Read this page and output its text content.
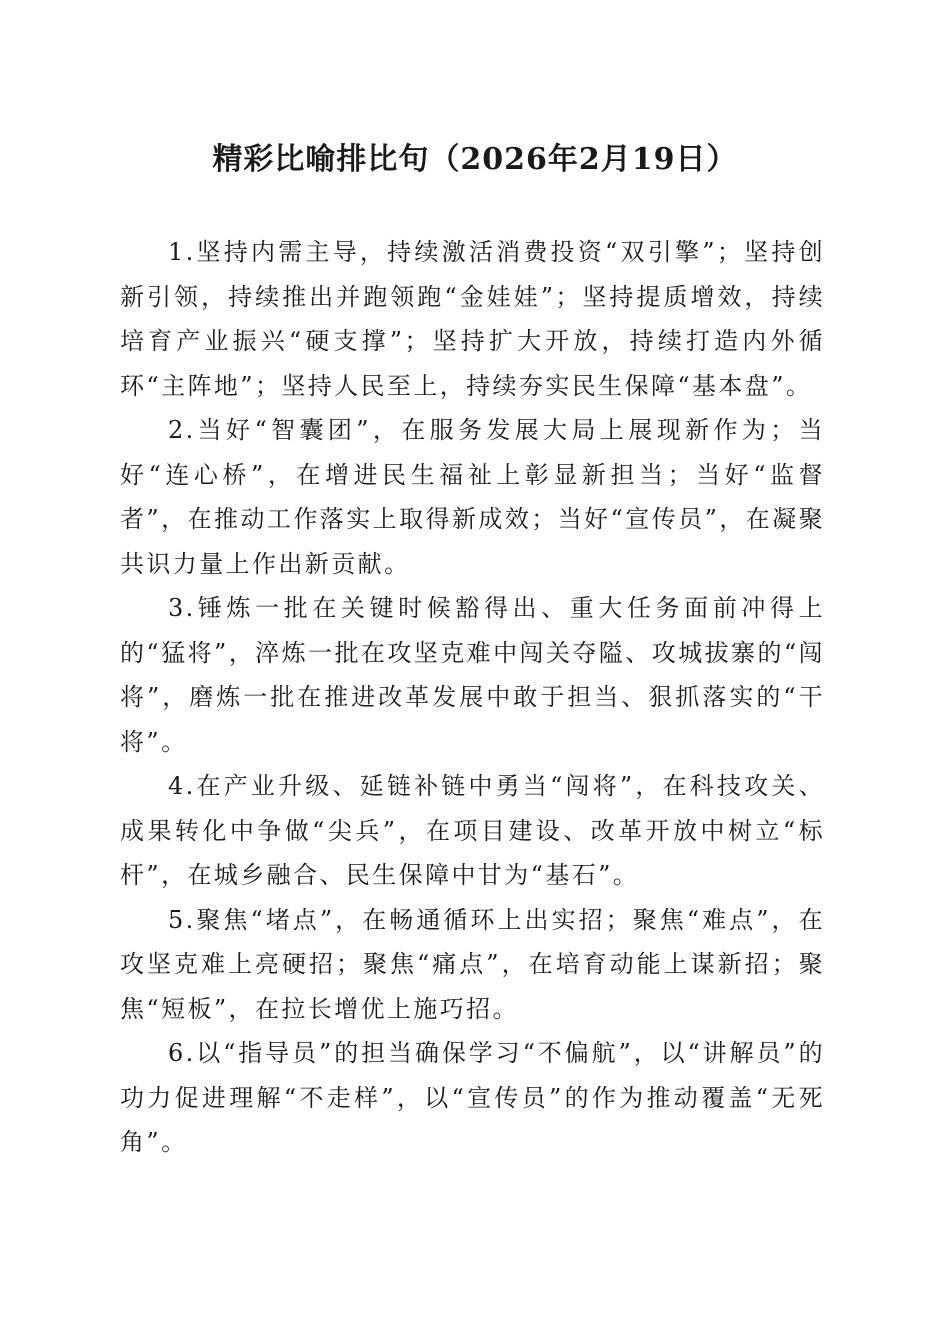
精彩比喻排比句（2026年2月19日）

1.坚持内需主导，持续激活消费投资“双引擎”；坚持创新引领，持续推出并跑领跑“金娃娃”；坚持提质增效，持续培育产业振兴“硬支撑”；坚持扩大开放，持续打造内外循环“主阵地”；坚持人民至上，持续夯实民生保障“基本盘”。

2.当好“智囊团”，在服务发展大局上展现新作为；当好“连心桥”，在增进民生福祉上彰显新担当；当好“监督者”，在推动工作落实上取得新成效；当好“宣传员”，在凝聚共识力量上作出新贡献。

3.锤炼一批在关键时候豁得出、重大任务面前冲得上的“猛将”，淬炼一批在攻坚克难中闯关夺隘、攻城拔寨的“闯将”，磨炼一批在推进改革发展中敢于担当、狠抓落实的“干将”。

4.在产业升级、延链补链中勇当“闯将”，在科技攻关、成果转化中争做“尖兵”，在项目建设、改革开放中树立“标杆”，在城乡融合、民生保障中甘为“基石”。

5.聚焦“堵点”，在畅通循环上出实招；聚焦“难点”，在攻坚克难上亮硬招；聚焦“痛点”，在培育动能上谋新招；聚焦“短板”，在拉长增优上施巧招。

6.以“指导员”的担当确保学习“不偏航”，以“讲解员”的功力促进理解“不走样”，以“宣传员”的作为推动覆盖“无死角”。
